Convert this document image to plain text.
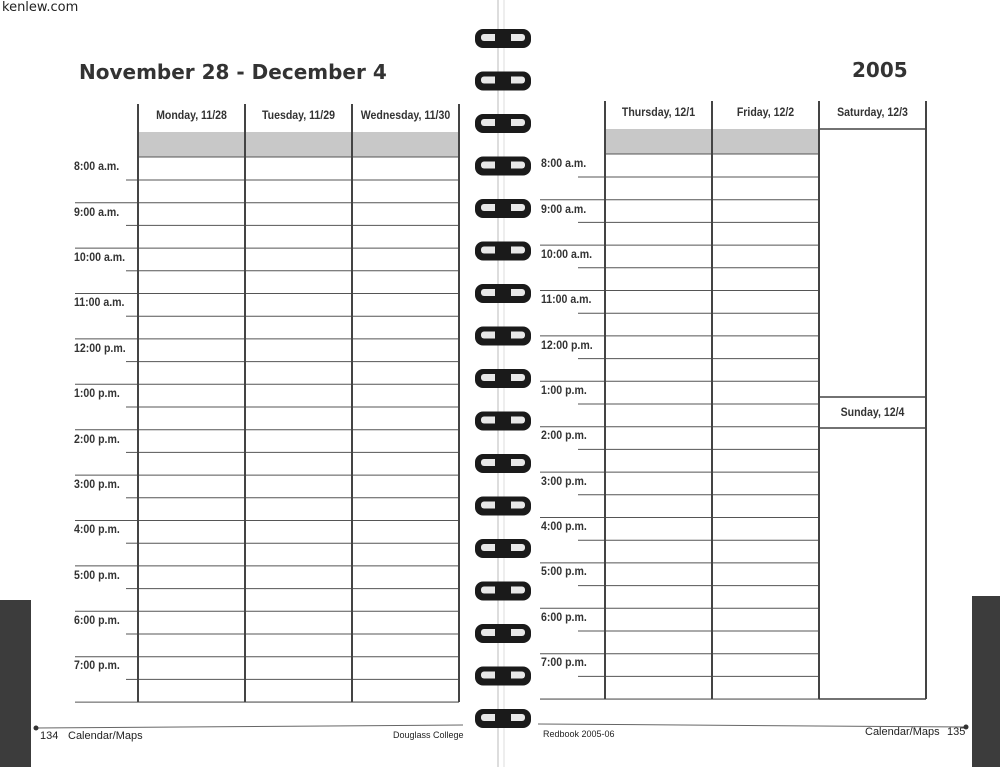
kenlew.com
November 28 - December 4	2005
Monday, 11/28	Tuesday, 11/29	Wednesday, 11/30
8:00 a.m.
9:00 a.m.
10:00 a.m.
11:00 a.m.
12:00 p.m.
1:00 p.m.
2:00 p.m.
3:00 p.m.
4:00 p.m.
5:00 p.m.
6:00 p.m.
7:00 p.m.
Thursday, 12/1	Friday, 12/2	Saturday, 12/3
Sunday, 12/4
8:00 a.m.
9:00 a.m.
10:00 a.m.
11:00 a.m.
12:00 p.m.
1:00 p.m.
2:00 p.m.
3:00 p.m.
4:00 p.m.
5:00 p.m.
6:00 p.m.
7:00 p.m.
134 Calendar/Maps	Douglass College	Redbook 2005-06	Calendar/Maps 135
